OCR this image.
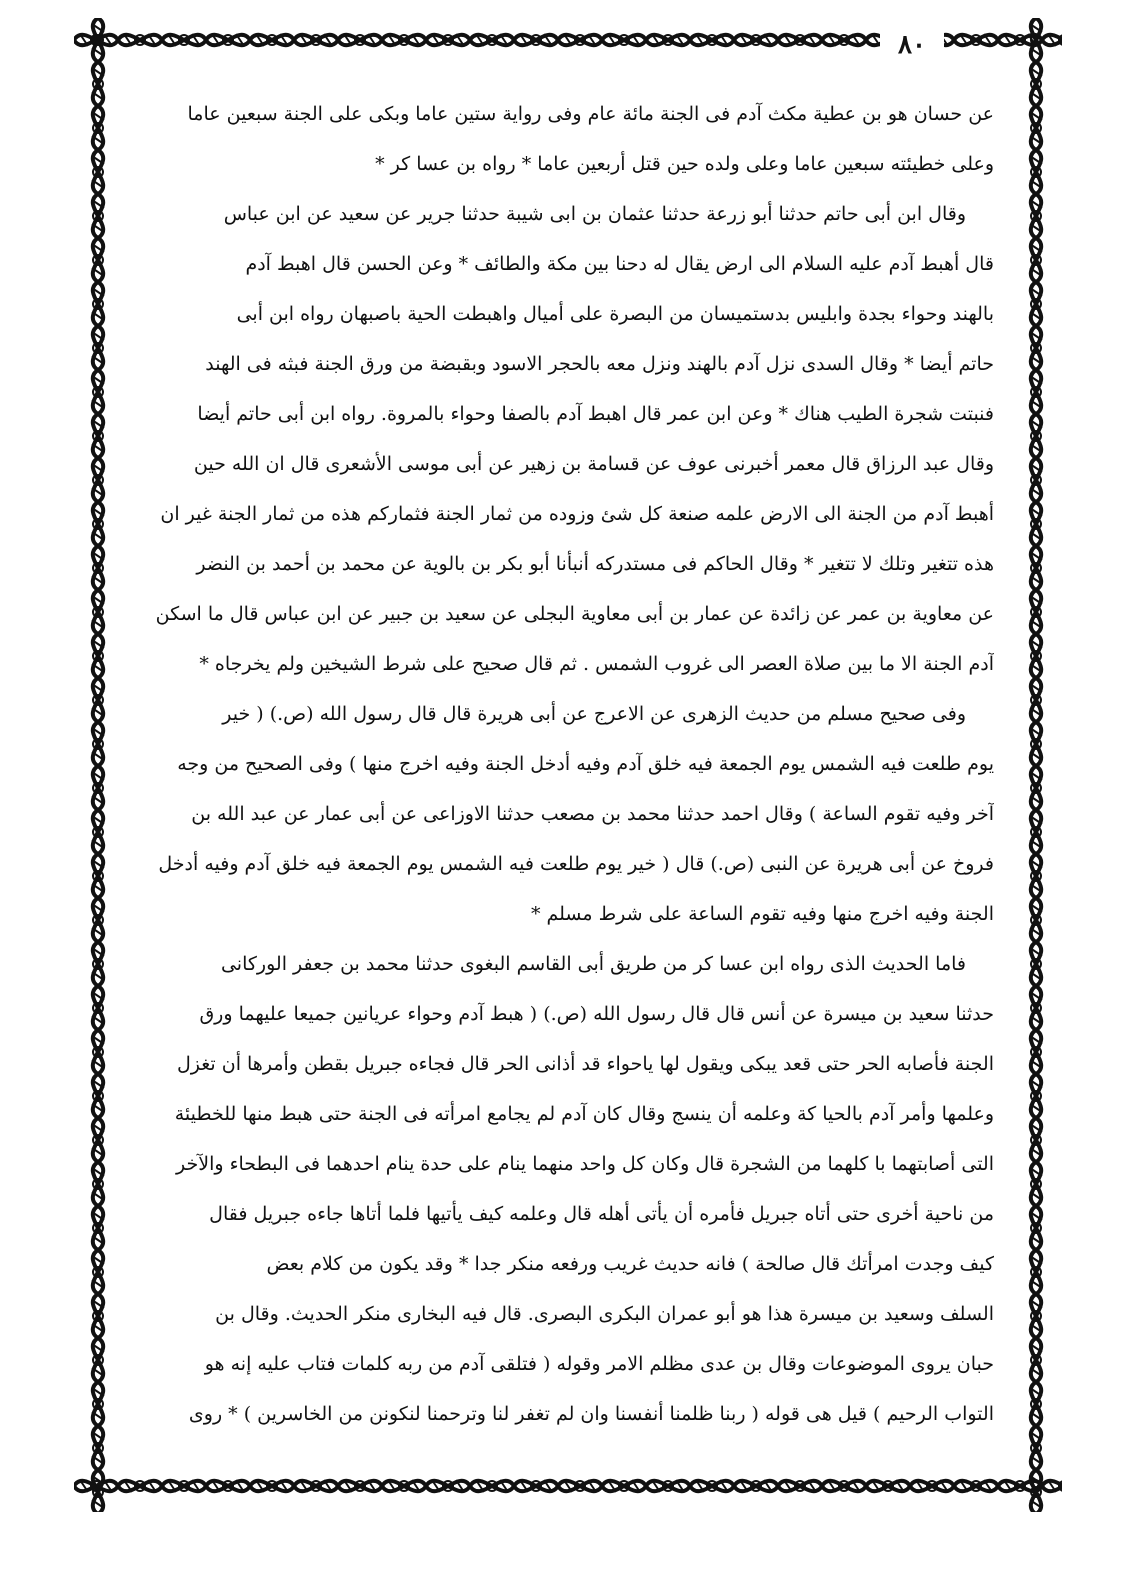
٨٠
عن حسان هو بن عطية مكث آدم فى الجنة مائة عام وفى رواية ستين عاما وبكى على الجنة سبعين عاما
وعلى خطيئته سبعين عاما وعلى ولده حين قتل أربعين عاما * رواه بن عسا كر *
وقال ابن أبى حاتم حدثنا أبو زرعة حدثنا عثمان بن ابى شيبة حدثنا جرير عن سعيد عن ابن عباس
قال أهبط آدم عليه السلام الى ارض يقال له دحنا بين مكة والطائف * وعن الحسن قال اهبط آدم
بالهند وحواء بجدة وابليس بدستميسان من البصرة على أميال واهبطت الحية باصبهان رواه ابن أبى
حاتم أيضا * وقال السدى نزل آدم بالهند ونزل معه بالحجر الاسود وبقبضة من ورق الجنة فبثه فى الهند
فنبتت شجرة الطيب هناك * وعن ابن عمر قال اهبط آدم بالصفا وحواء بالمروة. رواه ابن أبى حاتم أيضا
وقال عبد الرزاق قال معمر أخبرنى عوف عن قسامة بن زهير عن أبى موسى الأشعرى قال ان الله حين
أهبط آدم من الجنة الى الارض علمه صنعة كل شئ وزوده من ثمار الجنة فثماركم هذه من ثمار الجنة غير ان
هذه تتغير وتلك لا تتغير * وقال الحاكم فى مستدركه أنبأنا أبو بكر بن بالوية عن محمد بن أحمد بن النضر
عن معاوية بن عمر عن زائدة عن عمار بن أبى معاوية البجلى عن سعيد بن جبير عن ابن عباس قال ما اسكن
آدم الجنة الا ما بين صلاة العصر الى غروب الشمس . ثم قال صحيح على شرط الشيخين ولم يخرجاه *
وفى صحيح مسلم من حديث الزهرى عن الاعرج عن أبى هريرة قال قال رسول الله (ص.) ( خير
يوم طلعت فيه الشمس يوم الجمعة فيه خلق آدم وفيه أدخل الجنة وفيه اخرج منها ) وفى الصحيح من وجه
آخر وفيه تقوم الساعة ) وقال احمد حدثنا محمد بن مصعب حدثنا الاوزاعى عن أبى عمار عن عبد الله بن
فروخ عن أبى هريرة عن النبى (ص.) قال ( خير يوم طلعت فيه الشمس يوم الجمعة فيه خلق آدم وفيه أدخل
الجنة وفيه اخرج منها وفيه تقوم الساعة على شرط مسلم *
فاما الحديث الذى رواه ابن عسا كر من طريق أبى القاسم البغوى حدثنا محمد بن جعفر الوركانى
حدثنا سعيد بن ميسرة عن أنس قال قال رسول الله (ص.) ( هبط آدم وحواء عريانين جميعا عليهما ورق
الجنة فأصابه الحر حتى قعد يبكى ويقول لها ياحواء قد أذانى الحر قال فجاءه جبريل بقطن وأمرها أن تغزل
وعلمها وأمر آدم بالحيا كة وعلمه أن ينسج وقال كان آدم لم يجامع امرأته فى الجنة حتى هبط منها للخطيئة
التى أصابتهما با كلهما من الشجرة قال وكان كل واحد منهما ينام على حدة ينام احدهما فى البطحاء والآخر
من ناحية أخرى حتى أتاه جبريل فأمره أن يأتى أهله قال وعلمه كيف يأتيها فلما أتاها جاءه جبريل فقال
كيف وجدت امرأتك قال صالحة ) فانه حديث غريب ورفعه منكر جدا * وقد يكون من كلام بعض
السلف وسعيد بن ميسرة هذا هو أبو عمران البكرى البصرى. قال فيه البخارى منكر الحديث. وقال بن
حبان يروى الموضوعات وقال بن عدى مظلم الامر وقوله ( فتلقى آدم من ربه كلمات فتاب عليه إنه هو
التواب الرحيم ) قيل هى قوله ( ربنا ظلمنا أنفسنا وان لم تغفر لنا وترحمنا لنكونن من الخاسرين ) * روى
